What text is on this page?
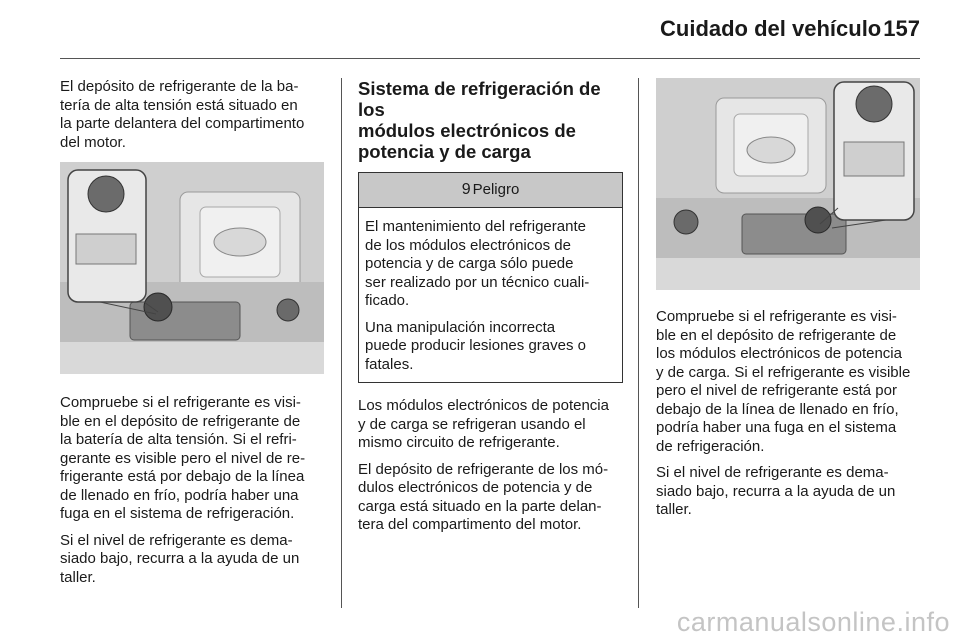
Cuidado del vehículo 157

El depósito de refrigerante de la ba-
tería de alta tensión está situado en
la parte delantera del compartimento
del motor.

Compruebe si el refrigerante es visi-
ble en el depósito de refrigerante de
la batería de alta tensión. Si el refri-
gerante es visible pero el nivel de re-
frigerante está por debajo de la línea
de llenado en frío, podría haber una
fuga en el sistema de refrigeración.

Si el nivel de refrigerante es dema-
siado bajo, recurra a la ayuda de un
taller.

Sistema de refrigeración de los
módulos electrónicos de
potencia y de carga
9 Peligro

El mantenimiento del refrigerante
de los módulos electrónicos de
potencia y de carga sólo puede
ser realizado por un técnico cuali-
ficado.

Una manipulación incorrecta
puede producir lesiones graves o
fatales.

Los módulos electrónicos de potencia
y de carga se refrigeran usando el
mismo circuito de refrigerante.

El depósito de refrigerante de los mó-
dulos electrónicos de potencia y de
carga está situado en la parte delan-
tera del compartimento del motor.

Compruebe si el refrigerante es visi-
ble en el depósito de refrigerante de
los módulos electrónicos de potencia
y de carga. Si el refrigerante es visible
pero el nivel de refrigerante está por
debajo de la línea de llenado en frío,
podría haber una fuga en el sistema
de refrigeración.

Si el nivel de refrigerante es dema-
siado bajo, recurra a la ayuda de un
taller.

carmanualsonline.info
